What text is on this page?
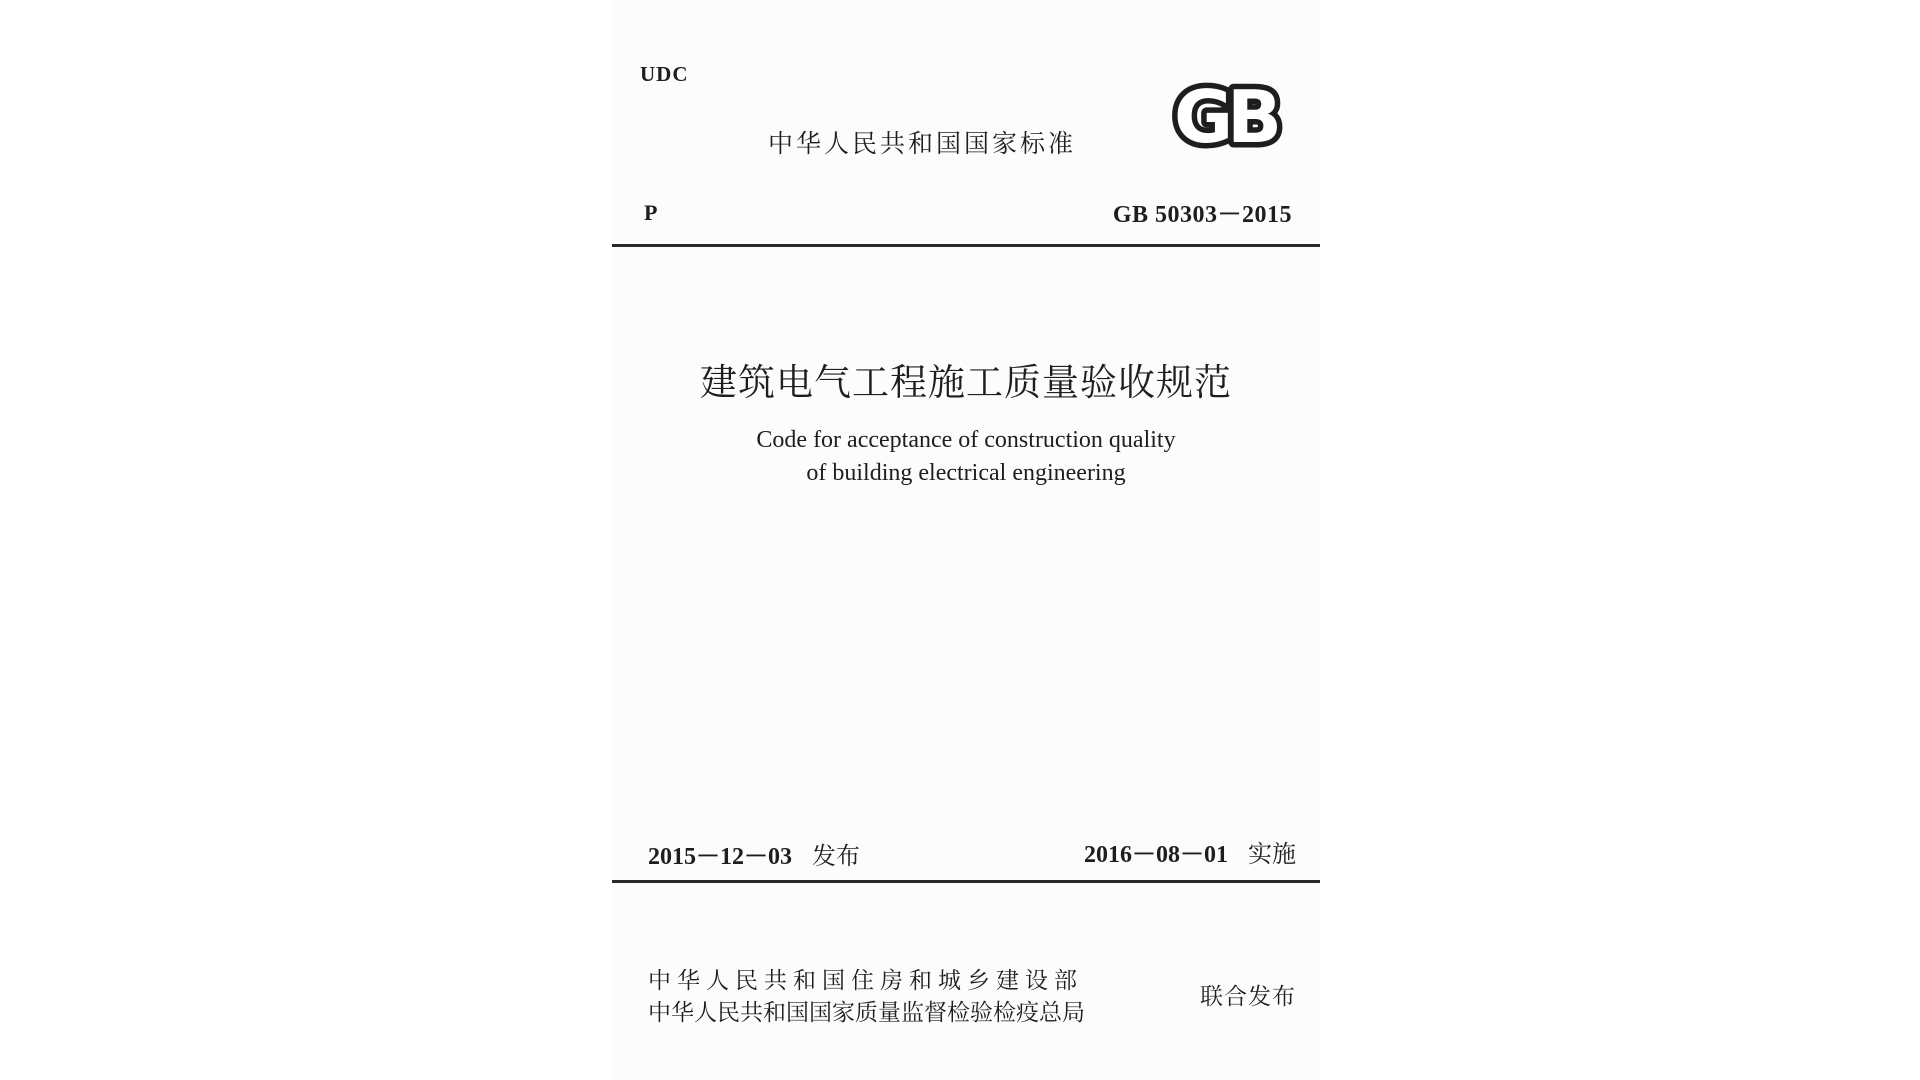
UDC
中华人民共和国国家标准 GB
P	GB 50303－2015
建筑电气工程施工质量验收规范
Code for acceptance of construction quality
of building electrical engineering
2015－12－03 发布	2016－08－01 实施
中华人民共和国住房和城乡建设部
中华人民共和国国家质量监督检验检疫总局
联合发布
